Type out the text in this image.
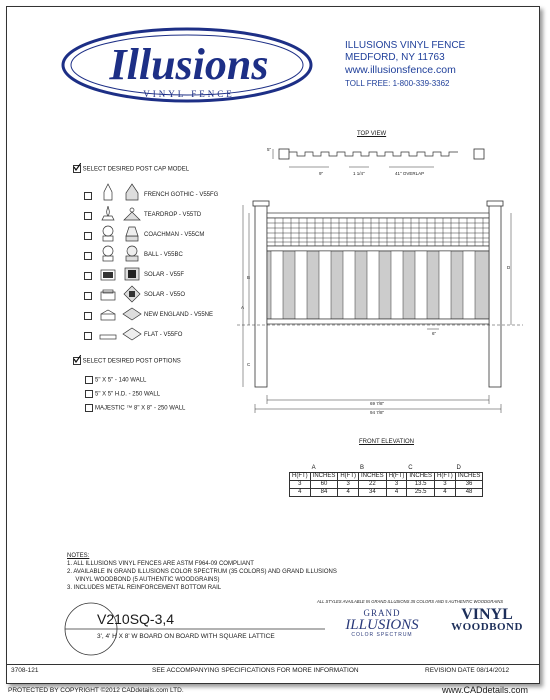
Illusions
VINYL FENCE
ILLUSIONS VINYL FENCE
MEDFORD, NY 11763
www.illusionsfence.com
TOLL FREE: 1-800-339-3362
TOP VIEW
5"
9"	1 1/4"	41" OVERLAP
SELECT DESIRED POST CAP MODEL
FRENCH GOTHIC - V55FG
TEARDROP - V55TD
COACHMAN - V55CM
BALL - V55BC
SOLAR - V55F
SOLAR - V55O
NEW ENGLAND - V55NE
FLAT - V55FO
SELECT DESIRED POST OPTIONS
5" X 5" - 140 WALL
5" X 5" H.D. - 250 WALL
MAJESTIC ™ 8" X 8" - 250 WALL
A
B
C
D
6"
69 7/8"
94 7/8"
FRONT ELEVATION
A		B		C		D	
H(FT)	INCHES	H(FT)	INCHES	H(FT)	INCHES	H(FT)	INCHES
3	60	3	22	3	13.5	3	36
4	84	4	34	4	25.5	4	48
NOTES:
1. ALL ILLUSIONS VINYL FENCES ARE ASTM F964-09 COMPLIANT
2. AVAILABLE IN GRAND ILLUSIONS COLOR SPECTRUM (35 COLORS) AND GRAND ILLUSIONS
VINYL WOODBOND (5 AUTHENTIC WOODGRAINS)
3. INCLUDES METAL REINFORCEMENT BOTTOM RAIL
V210SQ-3,4
3', 4' H X 8' W BOARD ON BOARD WITH SQUARE LATTICE
ALL STYLES AVAILABLE IN GRAND ILLUSIONS 35 COLORS AND 5 AUTHENTIC WOODGRAINS
GRAND
ILLUSIONS
COLOR SPECTRUM
VINYL
WOODBOND
3708-121	SEE ACCOMPANYING SPECIFICATIONS FOR MORE INFORMATION	REVISION DATE 08/14/2012
PROTECTED BY COPYRIGHT ©2012 CADdetails.com LTD.	www.CADdetails.com
